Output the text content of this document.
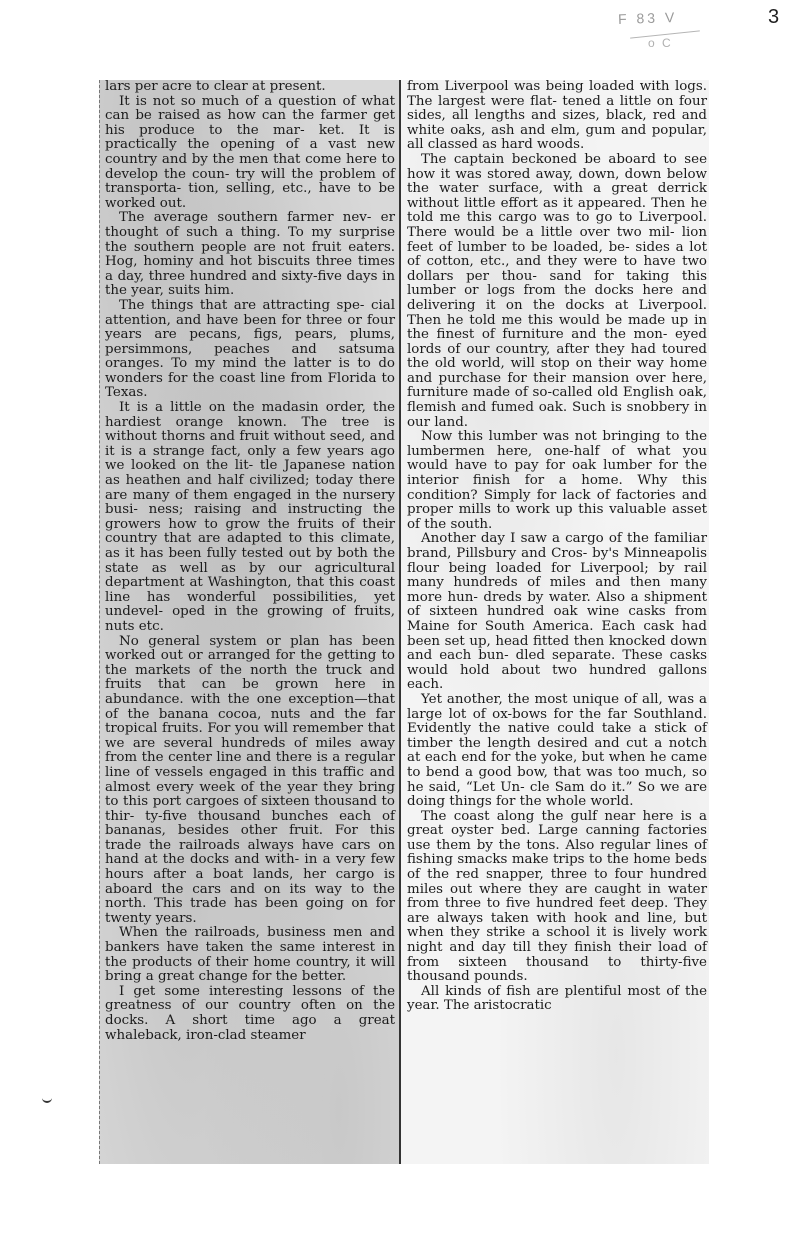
F 83 V
o C
3

lars per acre to clear at present.

It is not so much of a question of what can be raised as how can the farmer get his produce to the mar- ket. It is practically the opening of a vast new country and by the men that come here to develop the coun- try will the problem of transporta- tion, selling, etc., have to be worked out.

The average southern farmer nev- er thought of such a thing. To my surprise the southern people are not fruit eaters. Hog, hominy and hot biscuits three times a day, three hundred and sixty-five days in the year, suits him.

The things that are attracting spe- cial attention, and have been for three or four years are pecans, figs, pears, plums, persimmons, peaches and satsuma oranges. To my mind the latter is to do wonders for the coast line from Florida to Texas.

It is a little on the madasin order, the hardiest orange known. The tree is without thorns and fruit without seed, and it is a strange fact, only a few years ago we looked on the lit- tle Japanese nation as heathen and half civilized; today there are many of them engaged in the nursery busi- ness; raising and instructing the growers how to grow the fruits of their country that are adapted to this climate, as it has been fully tested out by both the state as well as by our agricultural department at Washington, that this coast line has wonderful possibilities, yet undevel- oped in the growing of fruits, nuts etc.

No general system or plan has been worked out or arranged for the getting to the markets of the north the truck and fruits that can be grown here in abundance. with the one exception—that of the banana cocoa, nuts and the far tropical fruits. For you will remember that we are several hundreds of miles away from the center line and there is a regular line of vessels engaged in this traffic and almost every week of the year they bring to this port cargoes of sixteen thousand to thir- ty-five thousand bunches each of bananas, besides other fruit. For this trade the railroads always have cars on hand at the docks and with- in a very few hours after a boat lands, her cargo is aboard the cars and on its way to the north. This trade has been going on for twenty years.

When the railroads, business men and bankers have taken the same interest in the products of their home country, it will bring a great change for the better.

I get some interesting lessons of the greatness of our country often on the docks. A short time ago a great whaleback, iron-clad steamer

from Liverpool was being loaded with logs. The largest were flat- tened a little on four sides, all lengths and sizes, black, red and white oaks, ash and elm, gum and popular, all classed as hard woods.

The captain beckoned be aboard to see how it was stored away, down, down below the water surface, with a great derrick without little effort as it appeared. Then he told me this cargo was to go to Liverpool. There would be a little over two mil- lion feet of lumber to be loaded, be- sides a lot of cotton, etc., and they were to have two dollars per thou- sand for taking this lumber or logs from the docks here and delivering it on the docks at Liverpool. Then he told me this would be made up in the finest of furniture and the mon- eyed lords of our country, after they had toured the old world, will stop on their way home and purchase for their mansion over here, furniture made of so-called old English oak, flemish and fumed oak. Such is snobbery in our land.

Now this lumber was not bringing to the lumbermen here, one-half of what you would have to pay for oak lumber for the interior finish for a home. Why this condition? Simply for lack of factories and proper mills to work up this valuable asset of the south.

Another day I saw a cargo of the familiar brand, Pillsbury and Cros- by's Minneapolis flour being loaded for Liverpool; by rail many hundreds of miles and then many more hun- dreds by water. Also a shipment of sixteen hundred oak wine casks from Maine for South America. Each cask had been set up, head fitted then knocked down and each bun- dled separate. These casks would hold about two hundred gallons each.

Yet another, the most unique of all, was a large lot of ox-bows for the far Southland. Evidently the native could take a stick of timber the length desired and cut a notch at each end for the yoke, but when he came to bend a good bow, that was too much, so he said, “Let Un- cle Sam do it.” So we are doing things for the whole world.

The coast along the gulf near here is a great oyster bed. Large canning factories use them by the tons. Also regular lines of fishing smacks make trips to the home beds of the red snapper, three to four hundred miles out where they are caught in water from three to five hundred feet deep. They are always taken with hook and line, but when they strike a school it is lively work night and day till they finish their load of from sixteen thousand to thirty-five thousand pounds.

All kinds of fish are plentiful most of the year. The aristocratic
